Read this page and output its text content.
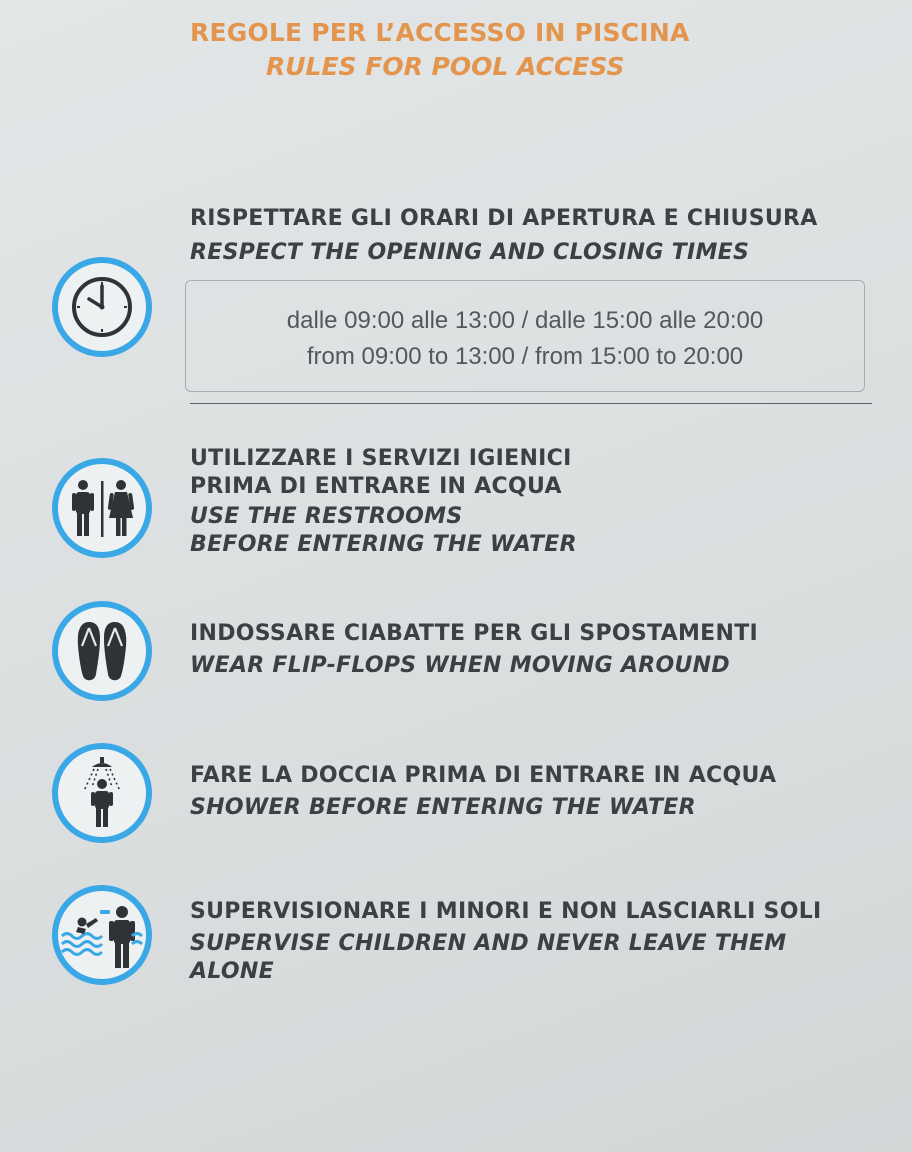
REGOLE PER L’ACCESSO IN PISCINA
RULES FOR POOL ACCESS
RISPETTARE GLI ORARI DI APERTURA E CHIUSURA
RESPECT THE OPENING AND CLOSING TIMES
dalle 09:00 alle 13:00 / dalle 15:00 alle 20:00
from 09:00 to 13:00 / from 15:00 to 20:00
UTILIZZARE I SERVIZI IGIENICI
PRIMA DI ENTRARE IN ACQUA
USE THE RESTROOMS
BEFORE ENTERING THE WATER
INDOSSARE CIABATTE PER GLI SPOSTAMENTI
WEAR FLIP-FLOPS WHEN MOVING AROUND
FARE LA DOCCIA PRIMA DI ENTRARE IN ACQUA
SHOWER BEFORE ENTERING THE WATER
SUPERVISIONARE I MINORI E NON LASCIARLI SOLI
SUPERVISE CHILDREN AND NEVER LEAVE THEM
ALONE
